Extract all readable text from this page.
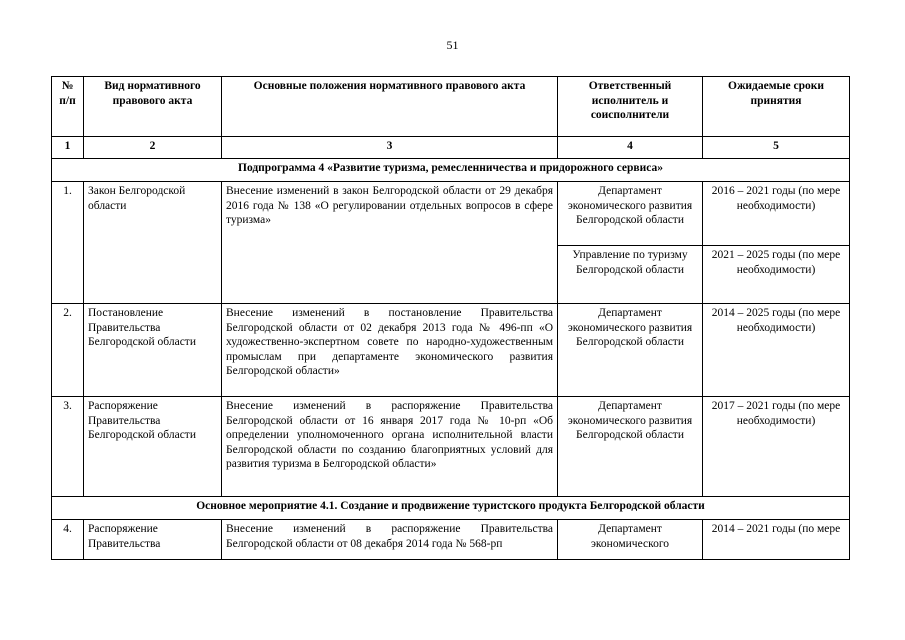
51
№ п/п	Вид нормативного правового акта	Основные положения нормативного правового акта	Ответственный исполнитель и соисполнители	Ожидаемые сроки принятия
1	2	3	4	5
Подпрограмма 4 «Развитие туризма, ремесленничества и придорожного сервиса»				
1.	Закон Белгородской области	Внесение изменений в закон Белгородской области от 29 декабря 2016 года № 138 «О регулировании отдельных вопросов в сфере туризма»	Департамент экономического развития Белгородской области	2016 – 2021 годы (по мере необходимости)
			Управление по туризму Белгородской области	2021 – 2025 годы (по мере необходимости)
2.	Постановление Правительства Белгородской области	Внесение изменений в постановление Правительства Белгородской области от 02 декабря 2013 года № 496-пп «О художественно-экспертном совете по народно-художественным промыслам при департаменте экономического развития Белгородской области»	Департамент экономического развития Белгородской области	2014 – 2025 годы (по мере необходимости)
3.	Распоряжение Правительства Белгородской области	Внесение изменений в распоряжение Правительства Белгородской области от 16 января 2017 года № 10-рп «Об определении уполномоченного органа исполнительной власти Белгородской области по созданию благоприятных условий для развития туризма в Белгородской области»	Департамент экономического развития Белгородской области	2017 – 2021 годы (по мере необходимости)
Основное мероприятие 4.1. Создание и продвижение туристского продукта Белгородской области				
4.	Распоряжение Правительства	Внесение изменений в распоряжение Правительства Белгородской области от 08 декабря 2014 года № 568-рп	Департамент экономического	2014 – 2021 годы (по мере
